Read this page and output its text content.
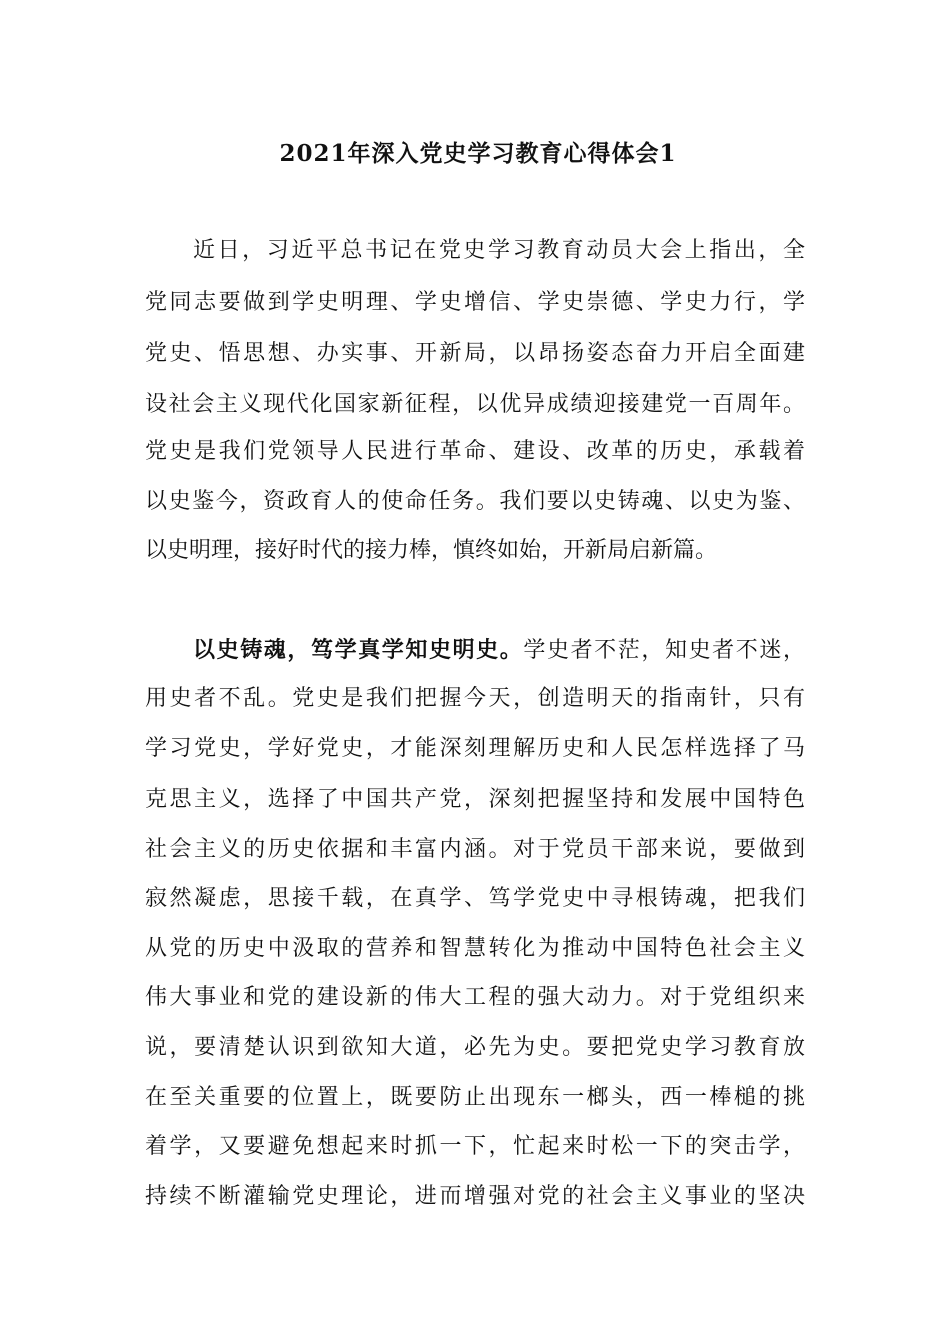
2021年深入党史学习教育心得体会1

近日，习近平总书记在党史学习教育动员大会上指出，全

党同志要做到学史明理、学史增信、学史崇德、学史力行，学

党史、悟思想、办实事、开新局，以昂扬姿态奋力开启全面建

设社会主义现代化国家新征程，以优异成绩迎接建党一百周年。

党史是我们党领导人民进行革命、建设、改革的历史，承载着

以史鉴今，资政育人的使命任务。我们要以史铸魂、以史为鉴、

以史明理，接好时代的接力棒，慎终如始，开新局启新篇。

以史铸魂，笃学真学知史明史。学史者不茫，知史者不迷，

用史者不乱。党史是我们把握今天，创造明天的指南针，只有

学习党史，学好党史，才能深刻理解历史和人民怎样选择了马

克思主义，选择了中国共产党，深刻把握坚持和发展中国特色

社会主义的历史依据和丰富内涵。对于党员干部来说，要做到

寂然凝虑，思接千载，在真学、笃学党史中寻根铸魂，把我们

从党的历史中汲取的营养和智慧转化为推动中国特色社会主义

伟大事业和党的建设新的伟大工程的强大动力。对于党组织来

说，要清楚认识到欲知大道，必先为史。要把党史学习教育放

在至关重要的位置上，既要防止出现东一榔头，西一棒槌的挑

着学，又要避免想起来时抓一下，忙起来时松一下的突击学，

持续不断灌输党史理论，进而增强对党的社会主义事业的坚决
